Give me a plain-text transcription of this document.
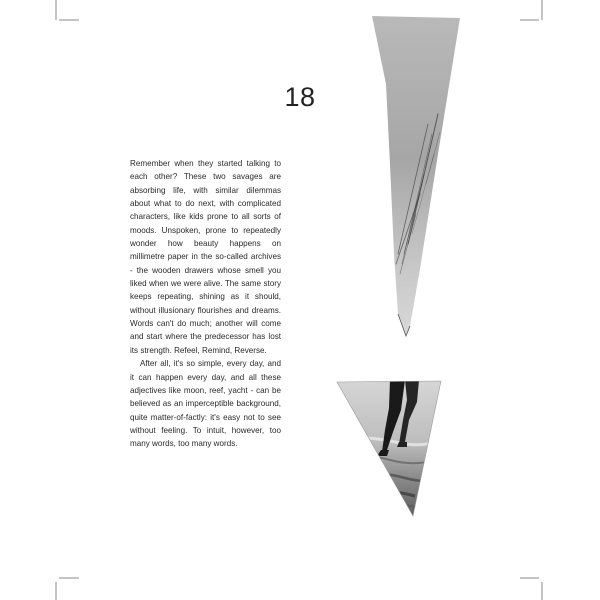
18

Remember when they started talking to each other? These two savages are absorbing life, with similar dilemmas about what to do next, with complicated characters, like kids prone to all sorts of moods. Unspoken, prone to repeatedly wonder how beauty happens on millimetre paper in the so-called archives - the wooden drawers whose smell you liked when we were alive. The same story keeps repeating, shining as it should, without illusionary flourishes and dreams. Words can't do much; another will come and start where the predecessor has lost its strength. Refeel, Remind, Reverse.

After all, it's so simple, every day, and it can happen every day, and all these adjectives like moon, reef, yacht - can be believed as an imperceptible background, quite matter-of-factly: it's easy not to see without feeling. To intuit, however, too many words, too many words.
